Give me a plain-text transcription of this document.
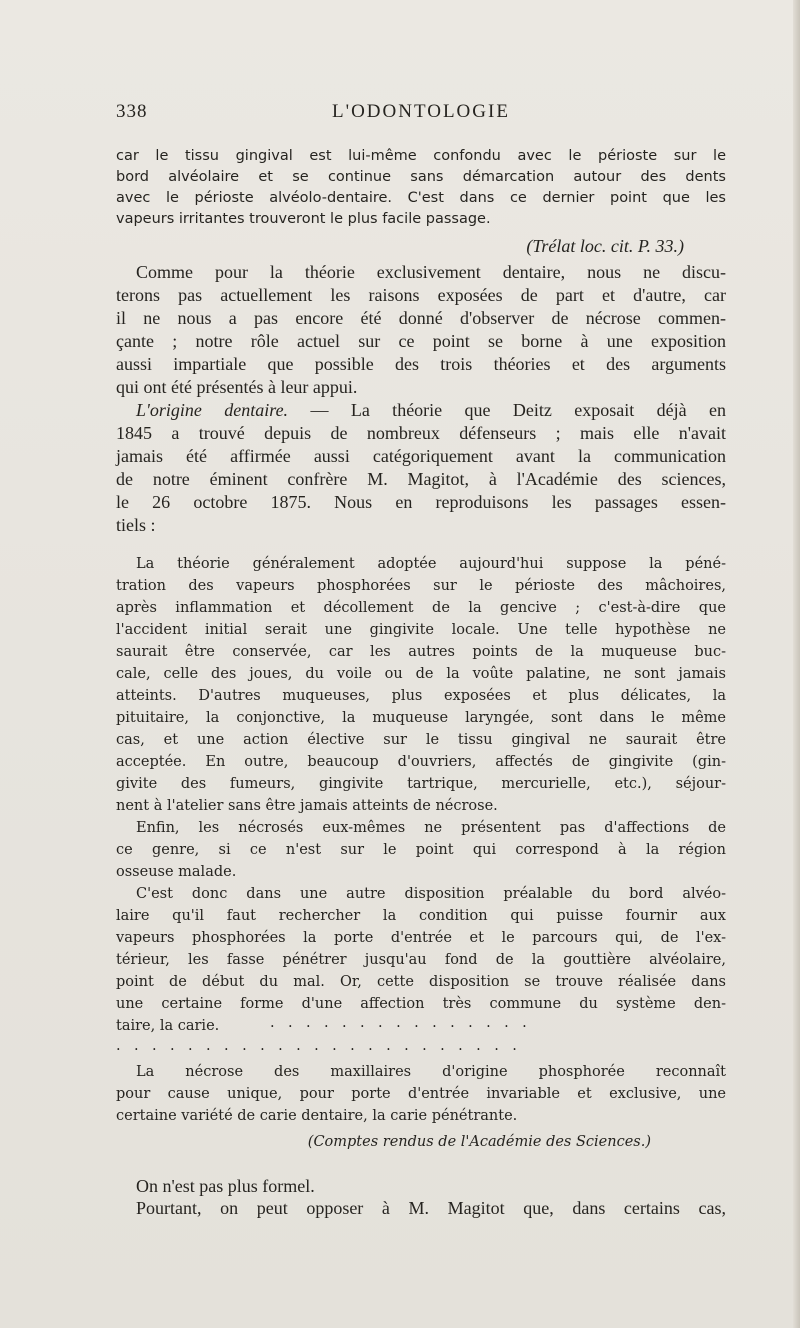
338	L'ODONTOLOGIE
car le tissu gingival est lui-même confondu avec le périoste sur le
bord alvéolaire et se continue sans démarcation autour des dents
avec le périoste alvéolo-dentaire. C'est dans ce dernier point que les
vapeurs irritantes trouveront le plus facile passage.
(Trélat loc. cit. P. 33.)
Comme pour la théorie exclusivement dentaire, nous ne discu-
terons pas actuellement les raisons exposées de part et d'autre, car
il ne nous a pas encore été donné d'observer de nécrose commen-
çante ; notre rôle actuel sur ce point se borne à une exposition
aussi impartiale que possible des trois théories et des arguments
qui ont été présentés à leur appui.
L'origine dentaire. — La théorie que Deitz exposait déjà en
1845 a trouvé depuis de nombreux défenseurs ; mais elle n'avait
jamais été affirmée aussi catégoriquement avant la communication
de notre éminent confrère M. Magitot, à l'Académie des sciences,
le 26 octobre 1875. Nous en reproduisons les passages essen-
tiels :
La théorie généralement adoptée aujourd'hui suppose la péné-
tration des vapeurs phosphorées sur le périoste des mâchoires,
après inflammation et décollement de la gencive ; c'est-à-dire que
l'accident initial serait une gingivite locale. Une telle hypothèse ne
saurait être conservée, car les autres points de la muqueuse buc-
cale, celle des joues, du voile ou de la voûte palatine, ne sont jamais
atteints. D'autres muqueuses, plus exposées et plus délicates, la
pituitaire, la conjonctive, la muqueuse laryngée, sont dans le même
cas, et une action élective sur le tissu gingival ne saurait être
acceptée. En outre, beaucoup d'ouvriers, affectés de gingivite (gin-
givite des fumeurs, gingivite tartrique, mercurielle, etc.), séjour-
nent à l'atelier sans être jamais atteints de nécrose.
Enfin, les nécrosés eux-mêmes ne présentent pas d'affections de
ce genre, si ce n'est sur le point qui correspond à la région
osseuse malade.
C'est donc dans une autre disposition préalable du bord alvéo-
laire qu'il faut rechercher la condition qui puisse fournir aux
vapeurs phosphorées la porte d'entrée et le parcours qui, de l'ex-
térieur, les fasse pénétrer jusqu'au fond de la gouttière alvéolaire,
point de début du mal. Or, cette disposition se trouve réalisée dans
une certaine forme d'une affection très commune du système den-
taire, la carie.	...............
.......................
La nécrose des maxillaires d'origine phosphorée reconnaît
pour cause unique, pour porte d'entrée invariable et exclusive, une
certaine variété de carie dentaire, la carie pénétrante.
(Comptes rendus de l'Académie des Sciences.)
On n'est pas plus formel.
Pourtant, on peut opposer à M. Magitot que, dans certains cas,
